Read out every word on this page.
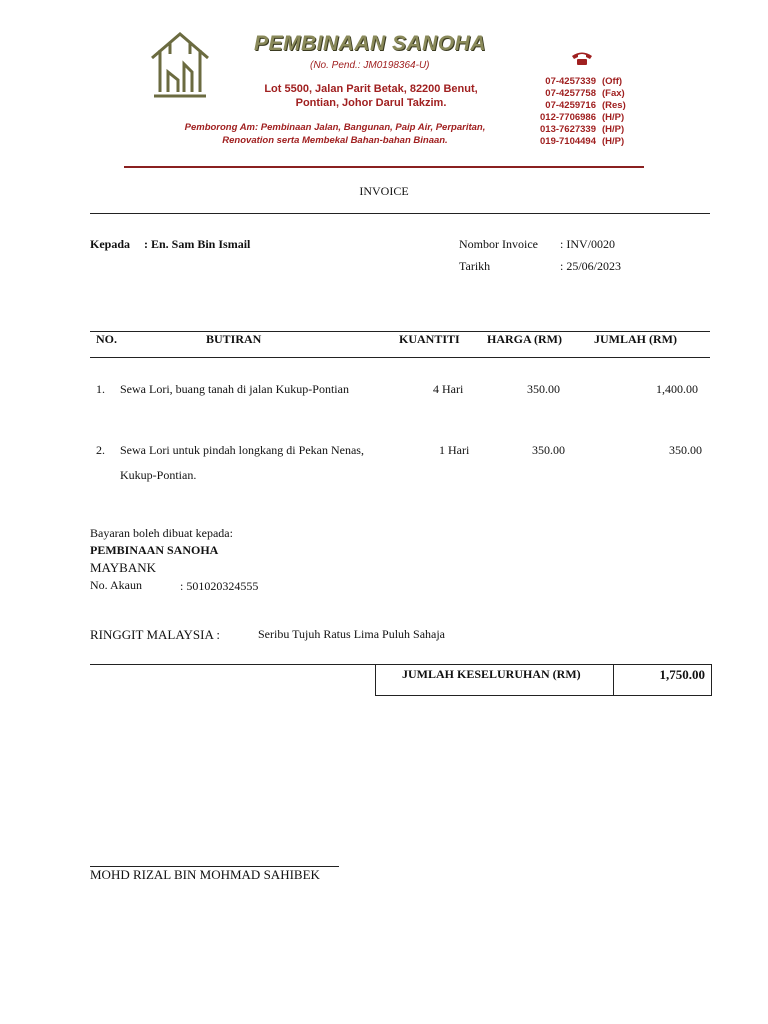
PEMBINAAN SANOHA
(No. Pend.: JM0198364-U)
Lot 5500, Jalan Parit Betak, 82200 Benut,
Pontian, Johor Darul Takzim.
Pemborong Am: Pembinaan Jalan, Bangunan, Paip Air, Perparitan,
Renovation serta Membekal Bahan-bahan Binaan.
07-4257339 (Off)
07-4257758 (Fax)
07-4259716 (Res)
012-7706986 (H/P)
013-7627339 (H/P)
019-7104494 (H/P)
INVOICE
Kepada : En. Sam Bin Ismail	Nombor Invoice : INV/0020
Tarikh	: 25/06/2023
NO.	BUTIRAN	KUANTITI HARGA (RM)	JUMLAH (RM)
1. Sewa Lori, buang tanah di jalan Kukup-Pontian	4 Hari	350.00	1,400.00
2. Sewa Lori untuk pindah longkang di Pekan Nenas,
Kukup-Pontian.
1 Hari	350.00	350.00
Bayaran boleh dibuat kepada:
PEMBINAAN SANOHA
MAYBANK
No. Akaun	: 501020324555
RINGGIT MALAYSIA :	Seribu Tujuh Ratus Lima Puluh Sahaja
JUMLAH KESELURUHAN (RM)	1,750.00
MOHD RIZAL BIN MOHMAD SAHIBEK
